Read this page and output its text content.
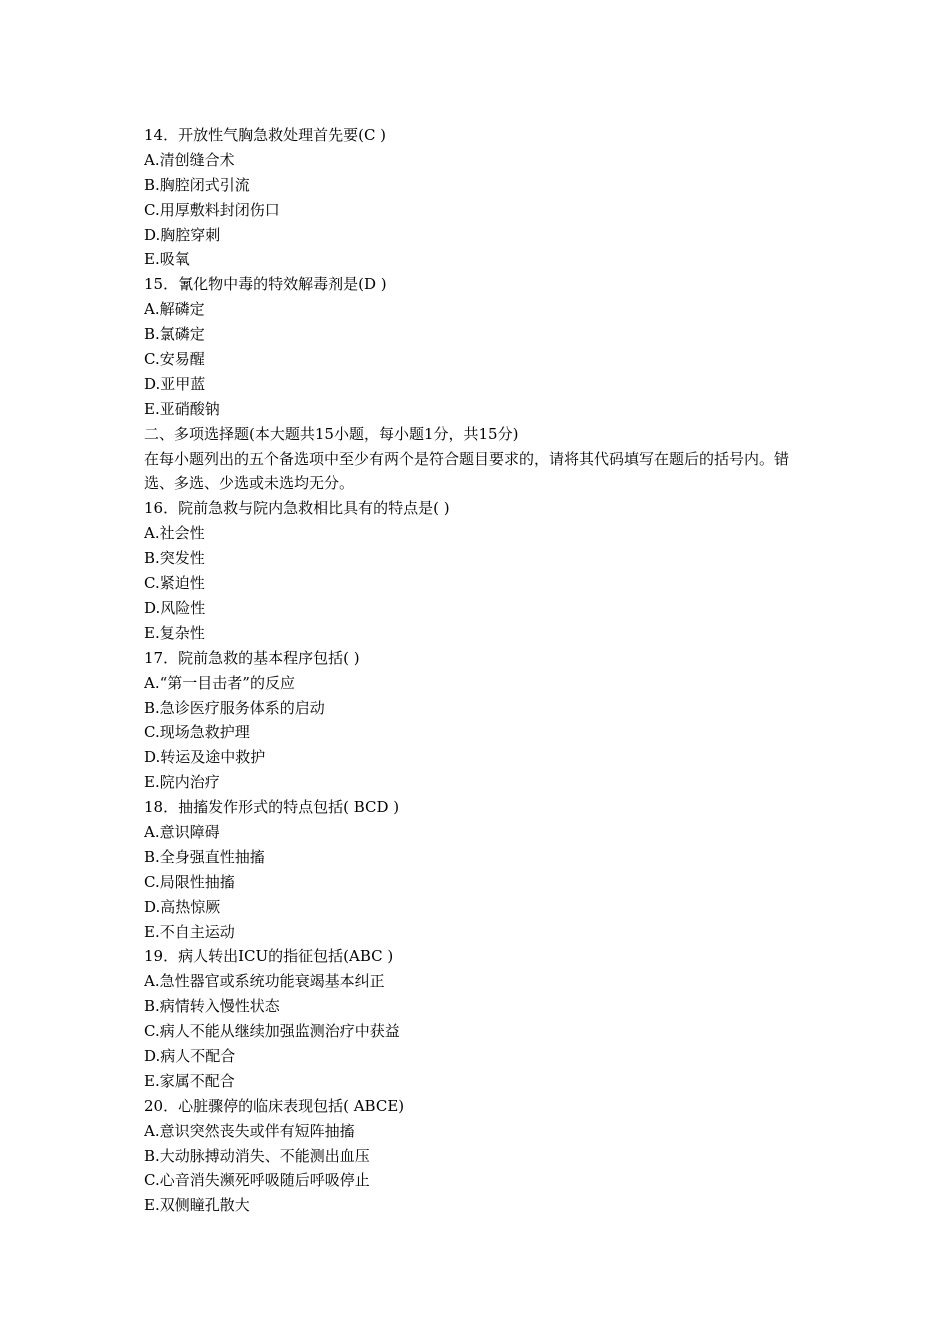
14．开放性气胸急救处理首先要(C )
A.清创缝合术
B.胸腔闭式引流
C.用厚敷料封闭伤口
D.胸腔穿刺
E.吸氧
15．氰化物中毒的特效解毒剂是(D )
A.解磷定
B.氯磷定
C.安易醒
D.亚甲蓝
E.亚硝酸钠
二、多项选择题(本大题共15小题，每小题1分，共15分)
在每小题列出的五个备选项中至少有两个是符合题目要求的，请将其代码填写在题后的括号内。错选、多选、少选或未选均无分。
16．院前急救与院内急救相比具有的特点是( )
A.社会性
B.突发性
C.紧迫性
D.风险性
E.复杂性
17．院前急救的基本程序包括( )
A.“第一目击者”的反应
B.急诊医疗服务体系的启动
C.现场急救护理
D.转运及途中救护
E.院内治疗
18．抽搐发作形式的特点包括( BCD )
A.意识障碍
B.全身强直性抽搐
C.局限性抽搐
D.高热惊厥
E.不自主运动
19．病人转出ICU的指征包括(ABC )
A.急性器官或系统功能衰竭基本纠正
B.病情转入慢性状态
C.病人不能从继续加强监测治疗中获益
D.病人不配合
E.家属不配合
20．心脏骤停的临床表现包括( ABCE)
A.意识突然丧失或伴有短阵抽搐
B.大动脉搏动消失、不能测出血压
C.心音消失濒死呼吸随后呼吸停止
E.双侧瞳孔散大
